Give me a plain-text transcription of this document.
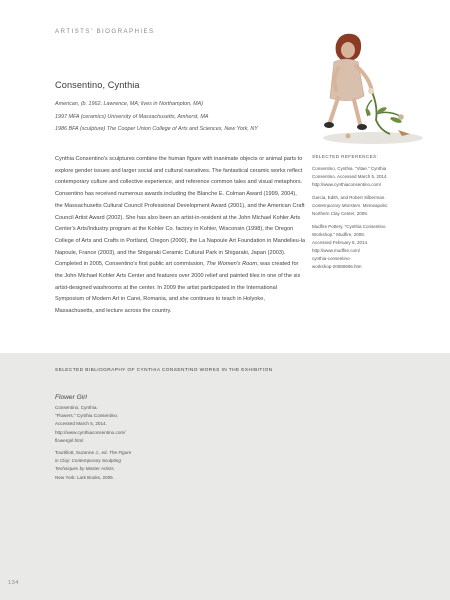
ARTISTS' BIOGRAPHIES
Consentino, Cynthia
American, (b. 1962, Lawrence, MA; lives in Northampton, MA)
1997 MFA (ceramics) University of Massachusetts, Amherst, MA
1986 BFA (sculpture) The Cooper Union College of Arts and Sciences, New York, NY

Cynthia Consentino's sculptures combine the human figure with inanimate objects or animal parts to explore gender issues and larger social and cultural narratives. The fantastical ceramic works reflect contemporary culture and collective experience, and reference common tales and visual metaphors. Consentino has received numerous awards including the Blanche E. Colman Award (1999, 2004), the Massachusetts Cultural Council Professional Development Award (2001), and the American Craft Council Artist Award (2002). She has also been an artist-in-resident at the John Michael Kohler Arts Center's Arts/Industry program at the Kohler Co. factory in Kohler, Wisconsin (1998), the Oregon College of Arts and Crafts in Portland, Oregon (2000), the La Napoule Art Foundation in Mandelieu-la Napoule, France (2003), and the Shigaraki Ceramic Cultural Park in Shigaraki, Japan (2003). Completed in 2005, Consentino's first public art commission, The Women's Room, was created for the John Michael Kohler Arts Center and features over 2000 relief and painted tiles in one of the six artist-designed washrooms at the center. In 2009 the artist participated in the International Symposium of Modern Art in Carei, Romania, and she continues to teach in Holyoke, Massachusetts, and lecture across the country.

SELECTED REFERENCES:
Consentino, Cynthia. "Vitae." Cynthia
Consentino. Accessed March 5, 2014.
http://www.cynthiaconsentino.com/
Garcia, Edith, and Robert Silberman.
Contemporary Monsters. Minneapolis:
Northern Clay Center, 2009.
Mudfire Pottery. "Cynthia Consentino
Workshop." Mudfire, 2008.
Accessed February 5, 2014.
http://www.mudfire.com/
cynthia-consentino-
workshop-20080606.htm
SELECTED BIBLIOGRAPHY OF CYNTHIA CONSENTINO WORKS IN THE EXHIBITION
Flower Girl
Consentino, Cynthia.
"Flowers." Cynthia Consentino.
Accessed March 5, 2014.
http://www.cynthiaconsentino.com/
flowergirl.html
Tourtillott, Suzanne J., ed. The Figure
in Clay: Contemporary Sculpting
Techniques by Master Artists.
New York: Lark Books, 2005.
134
